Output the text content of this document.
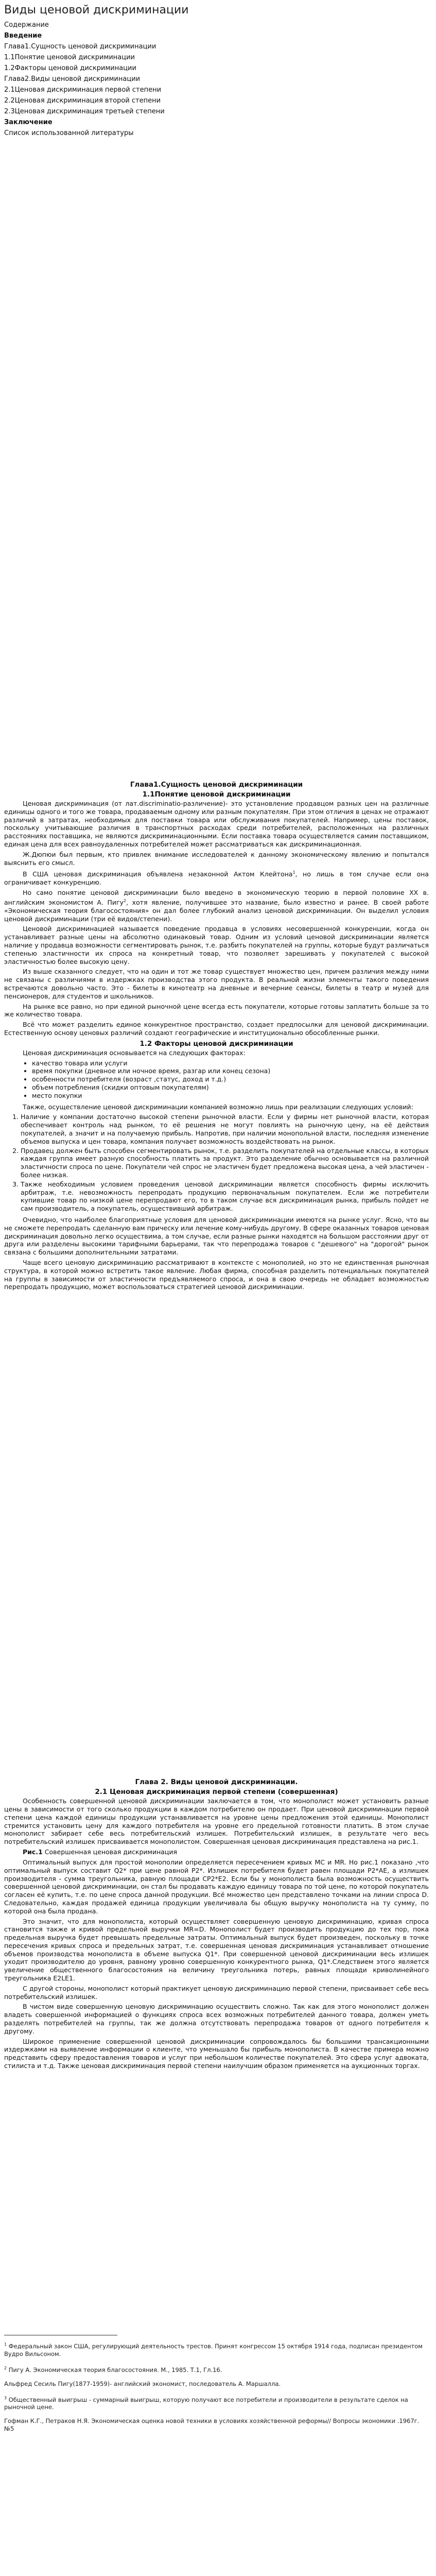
Виды ценовой дискриминации

Содержание

Введение

Глава1.Сущность ценовой дискриминации

1.1Понятие ценовой дискриминации

1.2Факторы ценовой дискриминации

Глава2.Виды ценовой дискриминации

2.1Ценовая дискриминация первой степени

2.2Ценовая дискриминация второй степени

2.3Ценовая дискриминация третьей степени

Заключение

Список использованной литературы

Глава1.Сущность ценовой дискриминации

1.1Понятие ценовой дискриминации

Ценовая дискриминация (от лат.discriminatio-различение)- это установление продавцом разных цен на различные единицы одного и того же товара, продаваемым одному или разным покупателям. При этом отличия в ценах не отражают различий в затратах, необходимых для поставки товара или обслуживания покупателей. Например, цены поставок, поскольку учитывающие различия в транспортных расходах среди потребителей, расположенных на различных расстояниях поставщика, не являются дискриминационными. Если поставка товара осуществляется самим поставщиком, единая цена для всех равноудаленных потребителей может рассматриваться как дискриминационная.

Ж.Дюпюи был первым, кто привлек внимание исследователей к данному экономическому явлению и попытался выяснить его смысл.

В США ценовая дискриминация объявлена незаконной Актом Клейтона$^1$, но лишь в том случае если она ограничивает конкуренцию.

Но само понятие ценовой дискриминации было введено в экономическую теорию в первой половине XX в. английским экономистом А. Пигу$^2$, хотя явление, получившее это название, было известно и ранее. В своей работе «Экономическая теория благосостояния» он дал более глубокий анализ ценовой дискриминации. Он выделил условия ценовой дискриминации (три её видов/степени).

Ценовой дискриминацией называется поведение продавца в условиях несовершенной конкуренции, когда он устанавливает разные цены на абсолютно одинаковый товар. Одним из условий ценовой дискриминации является наличие у продавца возможности сегментировать рынок, т.е. разбить покупателей на группы, которые будут различаться степенью эластичности их спроса на конкретный товар, что позволяет зарешивать у покупателей с высокой эластичностью более высокую цену.

Из выше сказанного следует, что на один и тот же товар существует множество цен, причем различия между ними не связаны с различиями в издержках производства этого продукта. В реальной жизни элементы такого поведения встречаются довольно часто. Это - билеты в кинотеатр на дневные и вечерние сеансы, билеты в театр и музей для пенсионеров, для студентов и школьников.

На рынке все равно, но при единой рыночной цене всегда есть покупатели, которые готовы заплатить больше за то же количество товара.

Всё что может разделить единое конкурентное пространство, создает предпосылки для ценовой дискриминации. Естественную основу ценовых различий создают географические и институционально обособленные рынки.

1.2 Факторы ценовой дискриминации

Ценовая дискриминация основывается на следующих факторах:

• качество товара или услуги
• время покупки (дневное или ночное время, разгар или конец сезона)
• особенности потребителя (возраст ,статус, доход и т.д.)
• объем потребления (скидки оптовым покупателям)
• место покупки

Также, осуществление ценовой дискриминации компанией возможно лишь при реализации следующих условий:

1. Наличие у компании достаточно высокой степени рыночной власти. Если у фирмы нет рыночной власти, которая обеспечивает контроль над рынком, то её решения не могут повлиять на рыночную цену, на её действия покупателей, а значит и на получаемую прибыль. Напротив, при наличии монопольной власти, последняя изменение объемов выпуска и цен товара, компания получает возможность воздействовать на рынок.
2. Продавец должен быть способен сегментировать рынок, т.е. разделить покупателей на отдельные классы, в которых каждая группа имеет разную способность платить за продукт. Это разделение обычно основывается на различной эластичности спроса по цене. Покупатели чей спрос не эластичен будет предложена высокая цена, а чей эластичен - более низкая.
3. Также необходимым условием проведения ценовой дискриминации является способность фирмы исключить арбитраж, т.е. невозможность перепродать продукцию первоначальным покупателем. Если же потребители купившие товар по низкой цене перепродают его, то в таком случае вся дискриминация рынка, прибыль пойдет не сам производитель, а покупатель, осуществивший арбитраж.

Очевидно, что наиболее благоприятные условия для ценовой дискриминации имеются на рынке услуг. Ясно, что вы не сможете перепродать сделанную вам прическу или лечение кому-нибудь другому. В сфере оказанных товаров ценовая дискриминация довольно легко осуществима, а том случае, если разные рынки находятся на большом расстоянии друг от друга или разделены высокими тарифными барьерами, так что перепродажа товаров с "дешевого" на "дорогой" рынок связана с большими дополнительными затратами.

Чаще всего ценовую дискриминацию рассматривают в контексте с монополией, но это не единственная рыночная структура, в которой можно встретить такое явление. Любая фирма, способная разделить потенциальных покупателей на группы в зависимости от эластичности предъявляемого спроса, и она в свою очередь не обладает возможностью перепродать продукцию, может воспользоваться стратегией ценовой дискриминации.

Глава 2. Виды ценовой дискриминации.

2.1 Ценовая дискриминация первой степени (совершенная)

Особенность совершенной ценовой дискриминации заключается в том, что монополист может установить разные цены в зависимости от того сколько продукции в каждом потребителю он продает. При ценовой дискриминации первой степени цена каждой единицы продукции устанавливается на уровне цены предложения этой единицы. Монополист стремится установить цену для каждого потребителя на уровне его предельной готовности платить. В этом случае монополист забирает себе весь потребительский излишек. Потребительский излишек, в результате чего весь потребительский излишек присваивается монополистом. Совершенная ценовая дискриминация представлена на рис.1.

Рис.1 Совершенная ценовая дискриминация

Оптимальный выпуск для простой монополии определяется пересечением кривых MC и MR. Но рис.1 показано ,что оптимальный выпуск составит Q2* при цене равной P2*. Излишек потребителя будет равен площади P2*AE, а излишек производителя - сумма треугольника, равную площади CP2*E2. Если бы у монополиста была возможность осуществить совершенной ценовой дискриминации, он стал бы продавать каждую единицу товара по той цене, по которой покупатель согласен её купить, т.е. по цене спроса данной продукции. Всё множество цен представлено точками на линии спроса D. Следовательно, каждая продажей единица продукции увеличивала бы общую выручку монополиста на ту сумму, по которой она была продана.

Это значит, что для монополиста, который осуществляет совершенную ценовую дискриминацию, кривая спроса становится также и кривой предельной выручки MR=D. Монополист будет производить продукцию до тех пор, пока предельная выручка будет превышать предельные затраты. Оптимальный выпуск будет произведен, поскольку в точке пересечения кривых спроса и предельных затрат, т.е. совершенная ценовая дискриминация устанавливает отношение объемов производства монополиста в объеме выпуска Q1*. При совершенной ценовой дискриминации весь излишек уходит производителю до уровня, равному уровню совершенную конкурентного рынка, Q1*.Следствием этого является увеличение общественного благосостояния на величину треугольника потерь, равных площади криволинейного треугольника E2LE1.

С другой стороны, монополист который практикует ценовую дискриминацию первой степени, присваивает себе весь потребительский излишек.

В чистом виде совершенную ценовую дискриминацию осуществить сложно. Так как для этого монополист должен владеть совершенной информацией о функциях спроса всех возможных потребителей данного товара, должен уметь разделять потребителей на группы, так же должна отсутствовать перепродажа товаров от одного потребителя к другому.

Широкое применение совершенной ценовой дискриминации сопровождалось бы большими трансакционными издержками на выявление информации о клиенте, что уменьшало бы прибыль монополиста. В качестве примера можно представить сферу предоставления товаров и услуг при небольшом количестве покупателей. Это сфера услуг адвоката, стилиста и т.д. Также ценовая дискриминация первой степени наилучшим образом применяется на аукционных торгах.

$^1$ Федеральный закон США, регулирующий деятельность трестов. Принят конгрессом 15 октября 1914 года, подписан президентом Вудро Вильсоном.

$^2$ Пигу А. Экономическая теория благосостояния. М., 1985. Т.1, Гл.16.

Альфред Сесиль Пигу(1877-1959)- английский экономист, последователь А. Маршалла.

$^3$ Общественный выигрыш - суммарный выигрыш, которую получают все потребители и производители в результате сделок на рыночной цене.

Гофман К.Г., Петраков Н.Я. Экономическая оценка новой техники в условиях хозяйственной реформы// Вопросы экономики .1967г. №5
